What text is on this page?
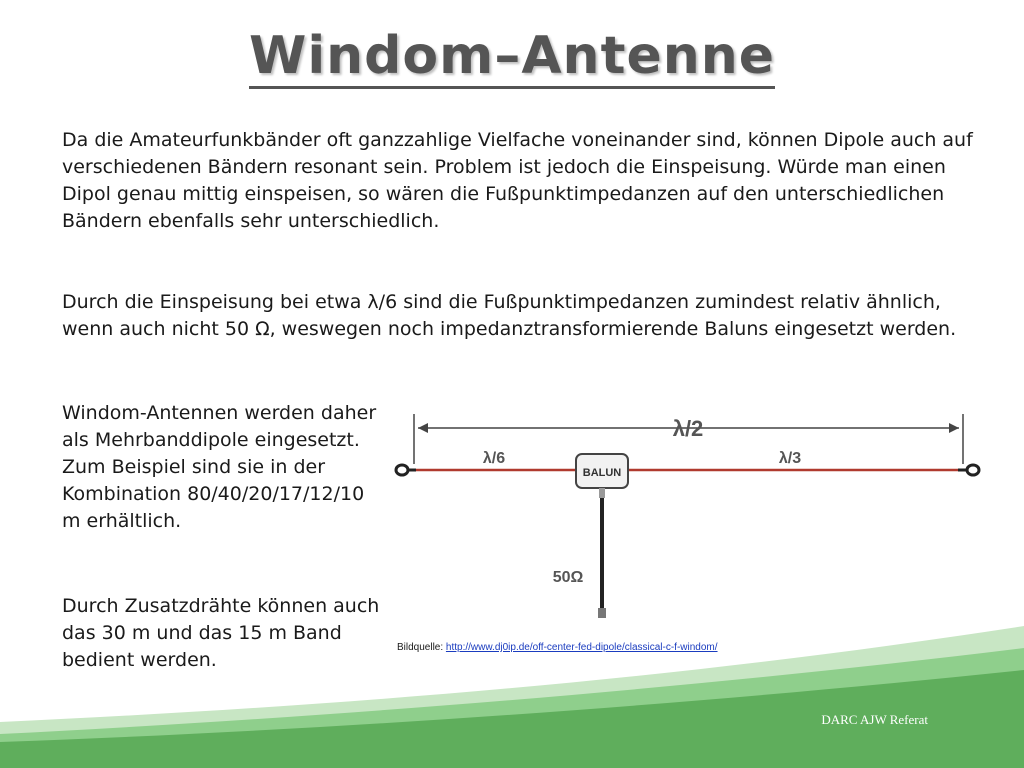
Windom–Antenne
Da die Amateurfunkbänder oft ganzzahlige Vielfache voneinander sind, können Dipole auch auf verschiedenen Bändern resonant sein. Problem ist jedoch die Einspeisung. Würde man einen Dipol genau mittig einspeisen, so wären die Fußpunktimpedanzen auf den unterschiedlichen Bändern ebenfalls sehr unterschiedlich.
Durch die Einspeisung bei etwa λ/6 sind die Fußpunktimpedanzen zumindest relativ ähnlich, wenn auch nicht 50 Ω, weswegen noch impedanztransformierende Baluns eingesetzt werden.
Windom-Antennen werden daher als Mehrbanddipole eingesetzt. Zum Beispiel sind sie in der Kombination 80/40/20/17/12/10 m erhältlich.
Durch Zusatzdrähte können auch das 30 m und das 15 m Band bedient werden.
λ/2
λ/6	λ/3
BALUN
50Ω
Bildquelle: http://www.dj0ip.de/off-center-fed-dipole/classical-c-f-windom/
DARC AJW Referat
